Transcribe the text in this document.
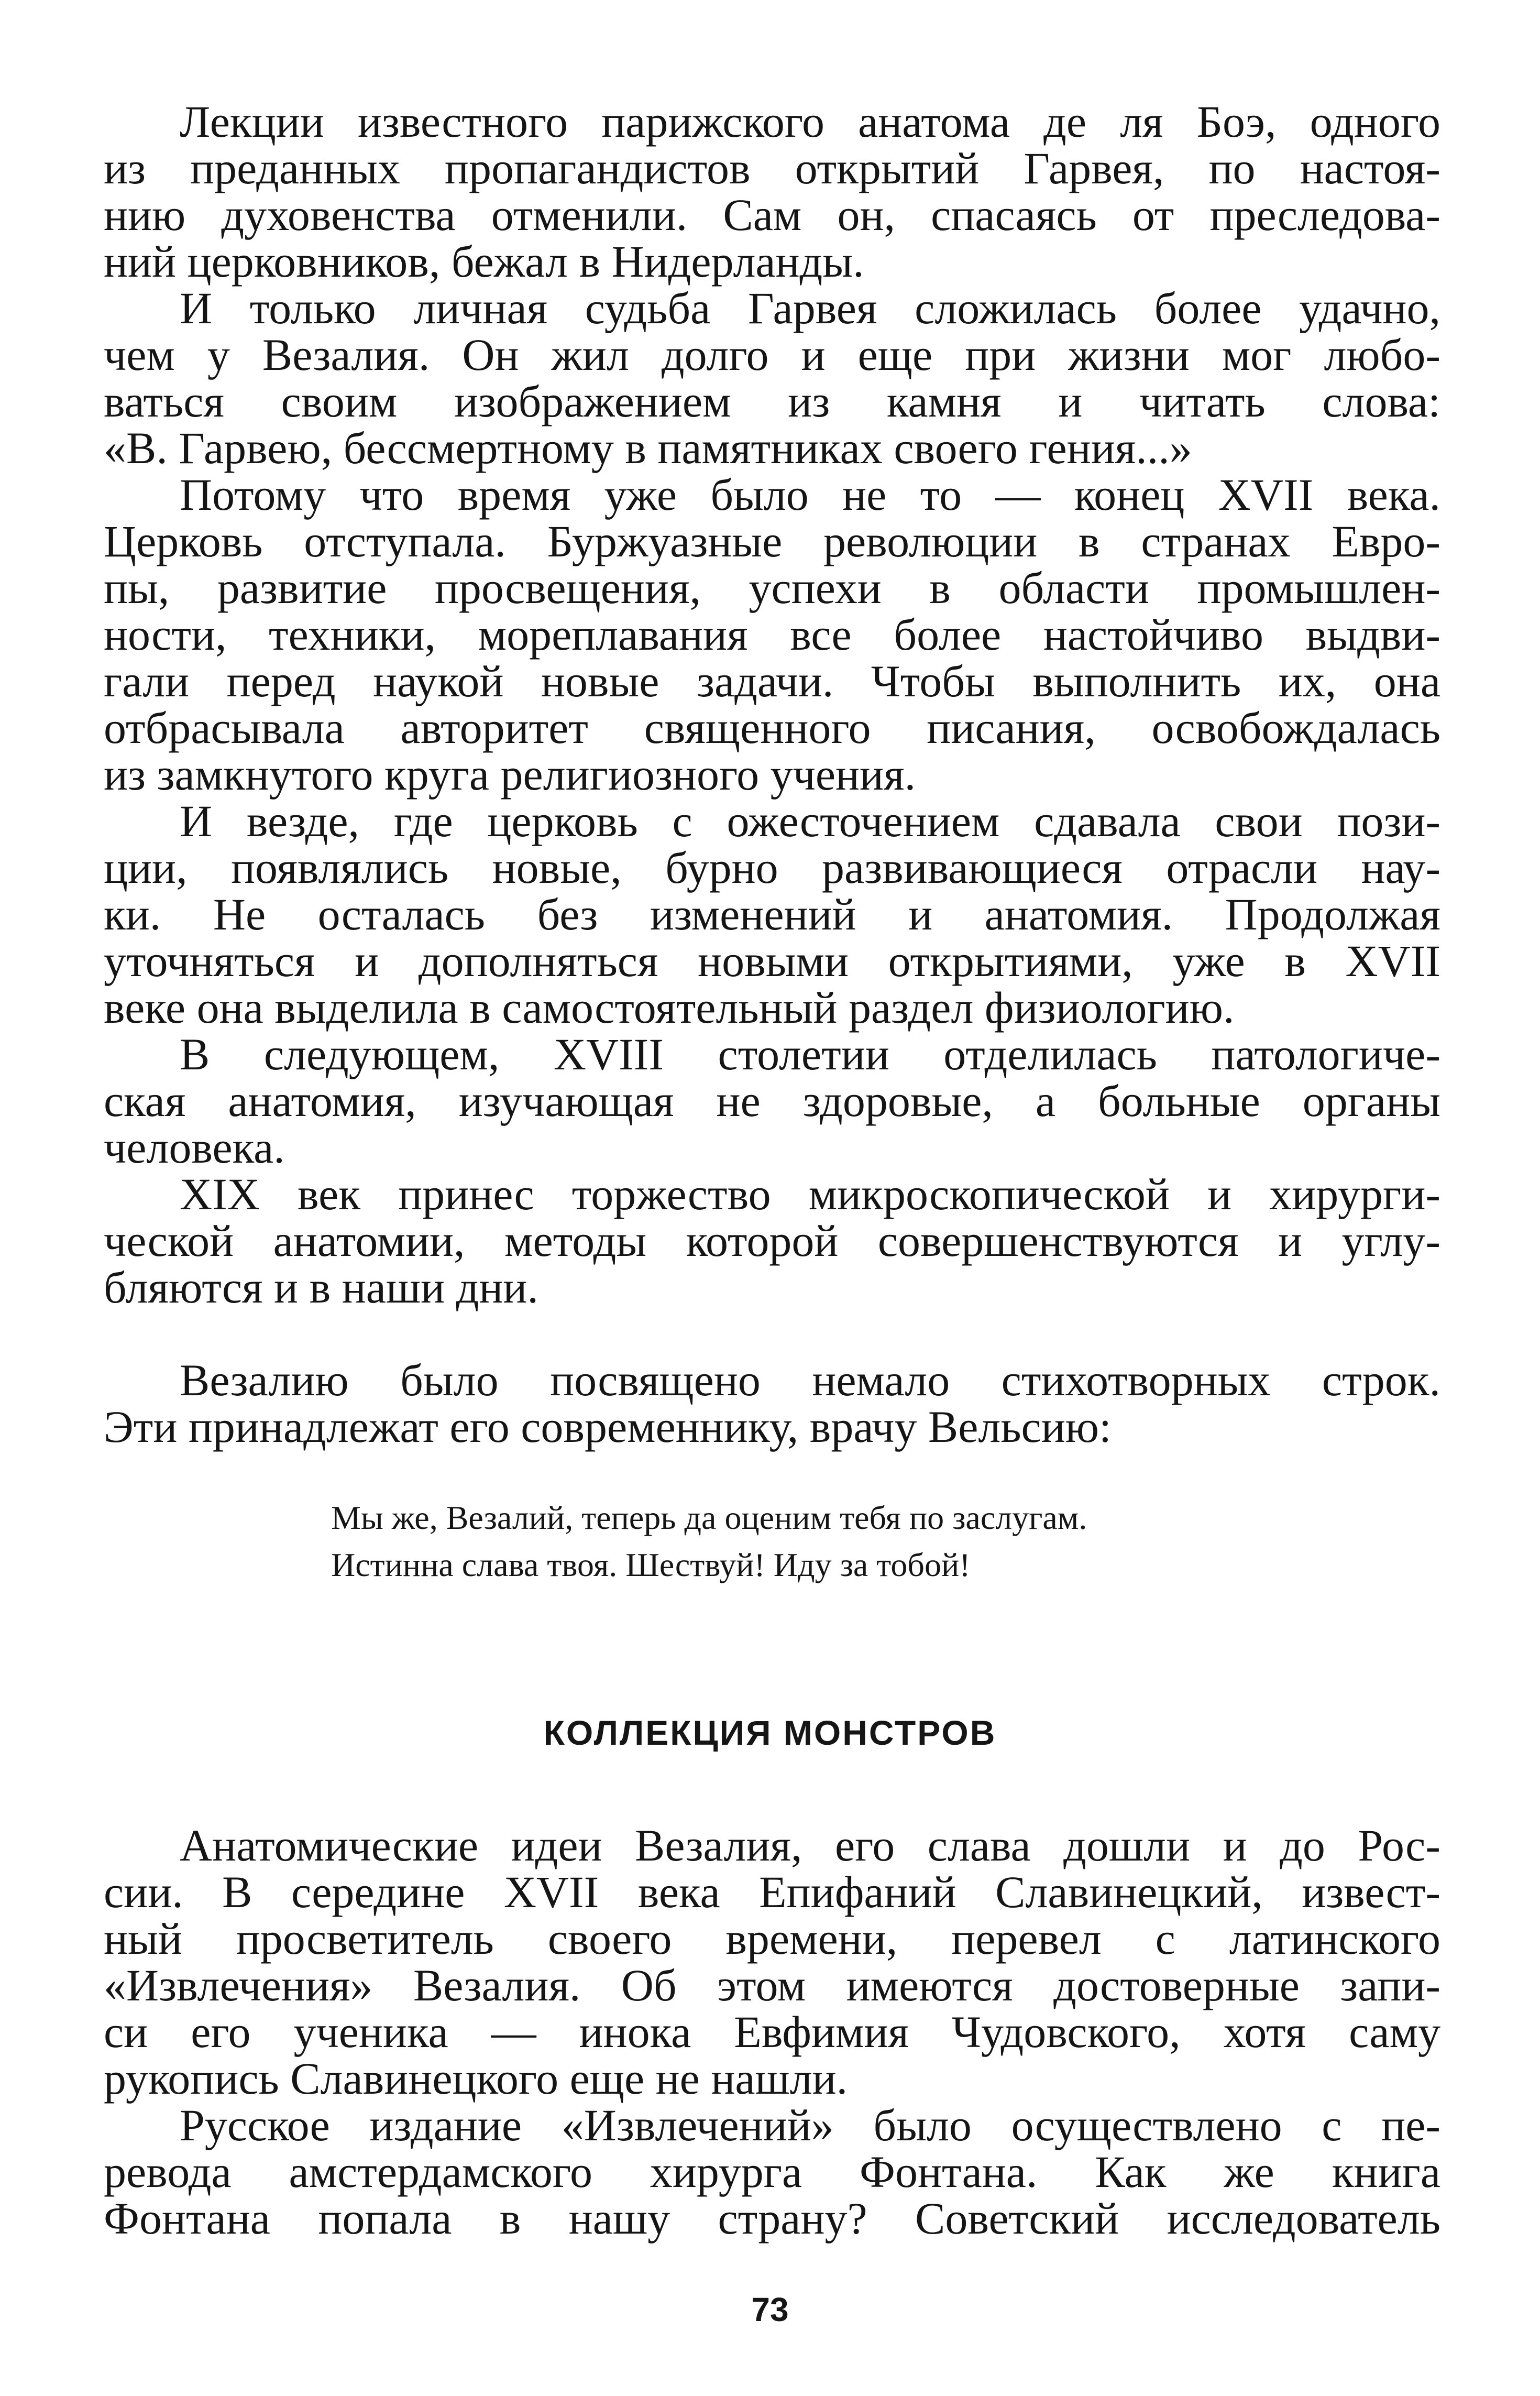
Лекции известного парижского анатома де ля Боэ, одного
из преданных пропагандистов открытий Гарвея, по настоя-
нию духовенства отменили. Сам он, спасаясь от преследова-
ний церковников, бежал в Нидерланды.

И только личная судьба Гарвея сложилась более удачно,
чем у Везалия. Он жил долго и еще при жизни мог любо-
ваться своим изображением из камня и читать слова:
«В. Гарвею, бессмертному в памятниках своего гения...»

Потому что время уже было не то — конец XVII века.
Церковь отступала. Буржуазные революции в странах Евро-
пы, развитие просвещения, успехи в области промышлен-
ности, техники, мореплавания все более настойчиво выдви-
гали перед наукой новые задачи. Чтобы выполнить их, она
отбрасывала авторитет священного писания, освобождалась
из замкнутого круга религиозного учения.

И везде, где церковь с ожесточением сдавала свои пози-
ции, появлялись новые, бурно развивающиеся отрасли нау-
ки. Не осталась без изменений и анатомия. Продолжая
уточняться и дополняться новыми открытиями, уже в XVII
веке она выделила в самостоятельный раздел физиологию.

В следующем, XVIII столетии отделилась патологиче-
ская анатомия, изучающая не здоровые, а больные органы
человека.

XIX век принес торжество микроскопической и хирурги-
ческой анатомии, методы которой совершенствуются и углу-
бляются и в наши дни.

Везалию было посвящено немало стихотворных строк.
Эти принадлежат его современнику, врачу Вельсию:

Мы же, Везалий, теперь да оценим тебя по заслугам.
Истинна слава твоя. Шествуй! Иду за тобой!
КОЛЛЕКЦИЯ МОНСТРОВ

Анатомические идеи Везалия, его слава дошли и до Рос-
сии. В середине XVII века Епифаний Славинецкий, извест-
ный просветитель своего времени, перевел с латинского
«Извлечения» Везалия. Об этом имеются достоверные запи-
си его ученика — инока Евфимия Чудовского, хотя саму
рукопись Славинецкого еще не нашли.

Русское издание «Извлечений» было осуществлено с пе-
ревода амстердамского хирурга Фонтана. Как же книга
Фонтана попала в нашу страну? Советский исследователь

73
